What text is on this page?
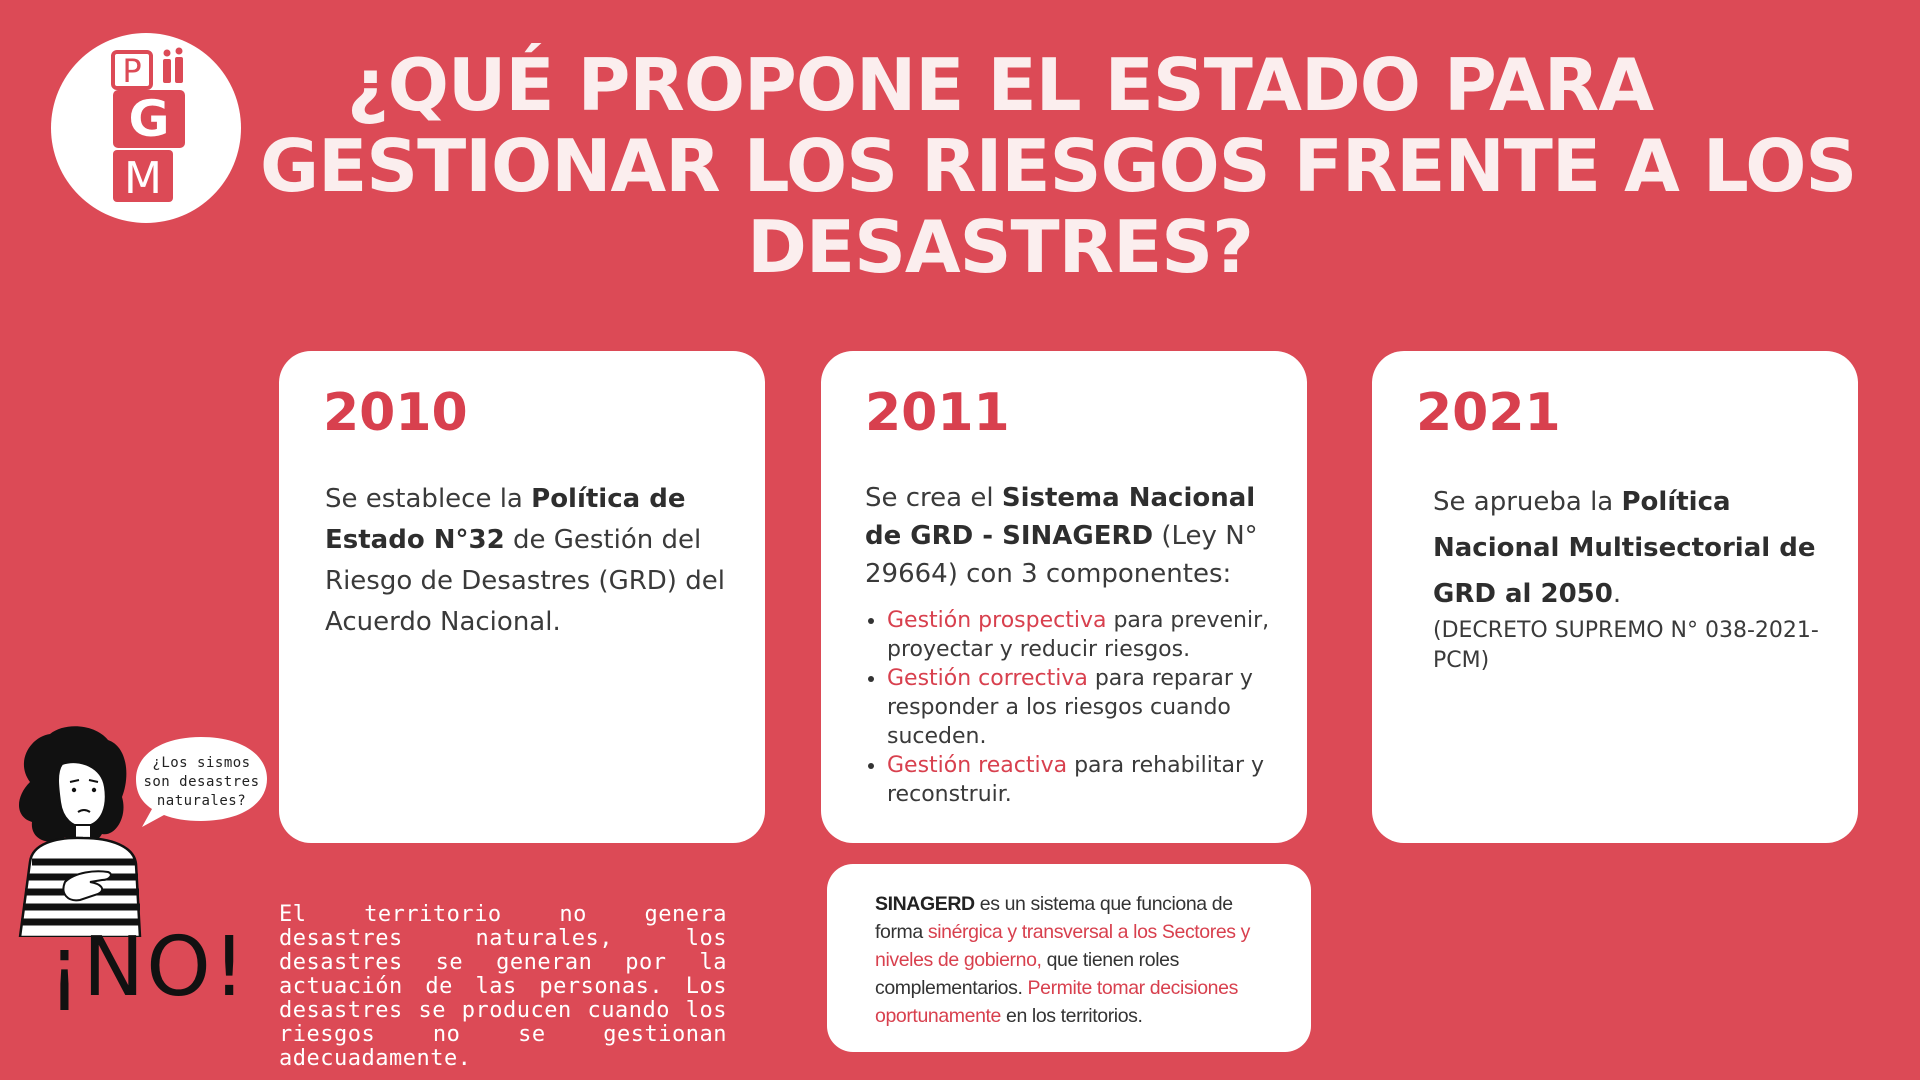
P
G
M
¿QUÉ PROPONE EL ESTADO PARA
GESTIONAR LOS RIESGOS FRENTE A LOS
DESASTRES?
2010
Se establece la Política de Estado N°32 de Gestión del Riesgo de Desastres (GRD) del Acuerdo Nacional.
2011
Se crea el Sistema Nacional de GRD - SINAGERD (Ley N° 29664) con 3 componentes:
• Gestión prospectiva para prevenir, proyectar y reducir riesgos.
• Gestión correctiva para reparar y responder a los riesgos cuando suceden.
• Gestión reactiva para rehabilitar y reconstruir.
2021
Se aprueba la Política Nacional Multisectorial de GRD al 2050.
(DECRETO SUPREMO N° 038-2021-PCM)
SINAGERD es un sistema que funciona de forma sinérgica y transversal a los Sectores y niveles de gobierno, que tienen roles complementarios. Permite tomar decisiones oportunamente en los territorios.
¿Los sismos
son desastres
naturales?
¡NO!
El territorio no genera desastres naturales, los desastres se generan por la actuación de las personas. Los desastres se producen cuando los riesgos no se gestionan adecuadamente.
